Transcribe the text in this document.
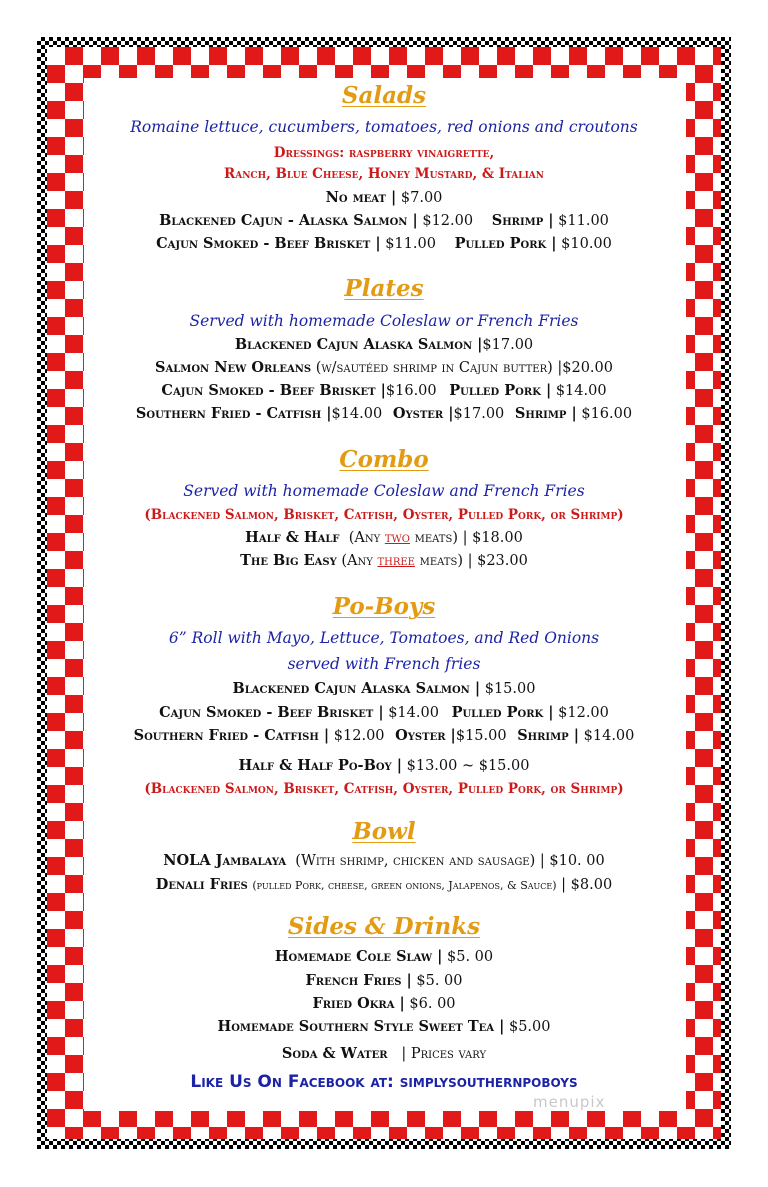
Salads
Romaine lettuce, cucumbers, tomatoes, red onions and croutons
Dressings: raspberry vinaigrette,
Ranch, Blue Cheese, Honey Mustard, & Italian
No meat | $7.00
Blackened Cajun - Alaska Salmon | $12.00 Shrimp | $11.00
Cajun Smoked - Beef Brisket | $11.00 Pulled Pork | $10.00
Plates
Served with homemade Coleslaw or French Fries
Blackened Cajun Alaska Salmon |$17.00
Salmon New Orleans (w/sautéed shrimp in Cajun butter) |$20.00
Cajun Smoked - Beef Brisket |$16.00 Pulled Pork | $14.00
Southern Fried - Catfish |$14.00 Oyster |$17.00 Shrimp | $16.00
Combo
Served with homemade Coleslaw and French Fries
(Blackened Salmon, Brisket, Catfish, Oyster, Pulled Pork, or Shrimp)
Half & Half (Any two meats) | $18.00
The Big Easy (Any three meats) | $23.00
Po-Boys
6” Roll with Mayo, Lettuce, Tomatoes, and Red Onions
served with French fries
Blackened Cajun Alaska Salmon | $15.00
Cajun Smoked - Beef Brisket | $14.00 Pulled Pork | $12.00
Southern Fried - Catfish | $12.00 Oyster |$15.00 Shrimp | $14.00
Half & Half Po-Boy | $13.00 ~ $15.00
(Blackened Salmon, Brisket, Catfish, Oyster, Pulled Pork, or Shrimp)
Bowl
NOLA Jambalaya (With shrimp, chicken and sausage) | $10. 00
Denali Fries (pulled Pork, cheese, green onions, Jalapenos, & Sauce) | $8.00
Sides & Drinks
Homemade Cole Slaw | $5. 00
French Fries | $5. 00
Fried Okra | $6. 00
Homemade Southern Style Sweet Tea | $5.00
Soda & Water | Prices vary
Like Us On Facebook at: simplysouthernpoboys
menupix
